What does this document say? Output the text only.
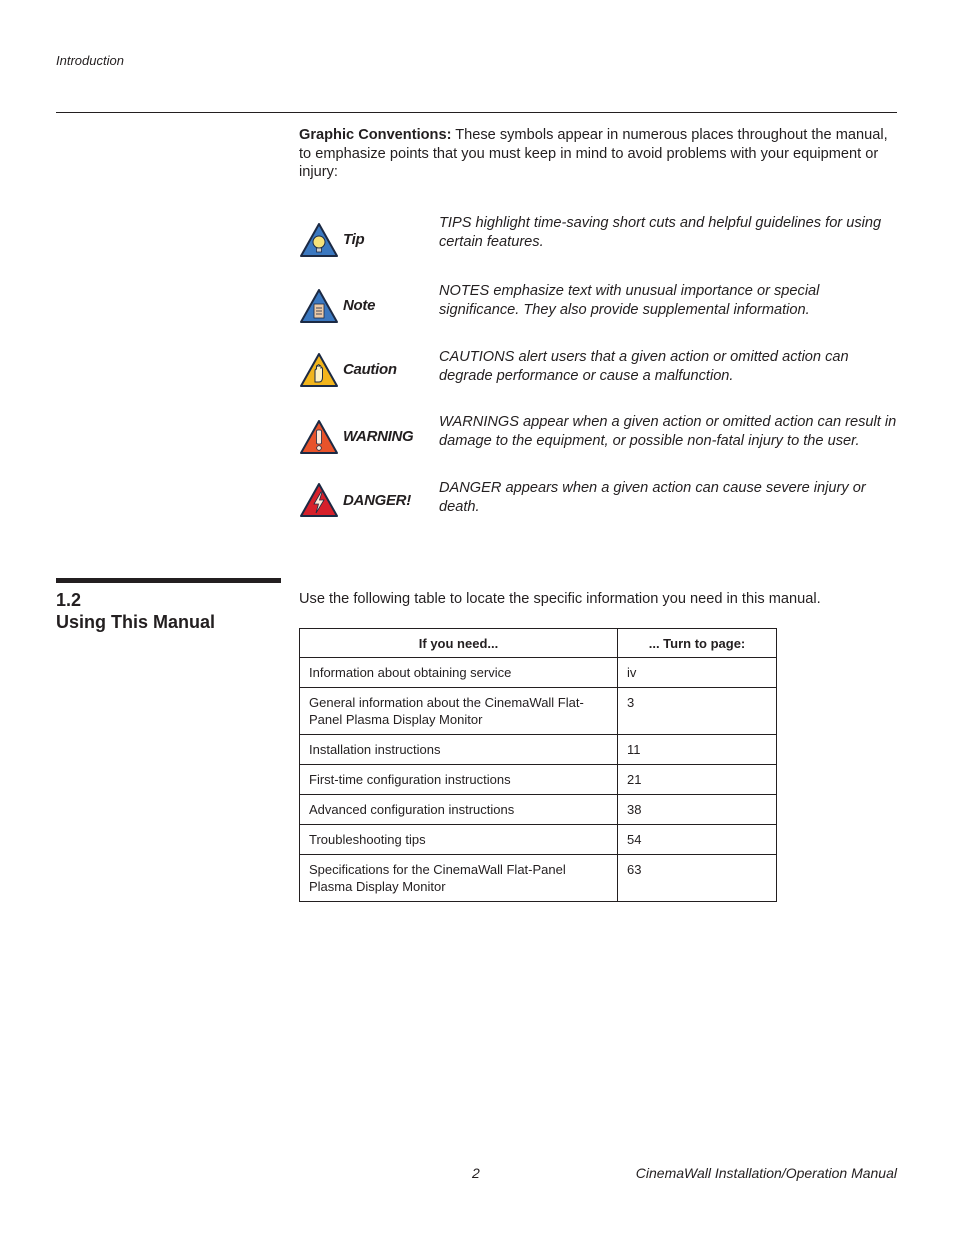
Introduction
Graphic Conventions: These symbols appear in numerous places throughout the manual, to emphasize points that you must keep in mind to avoid problems with your equipment or injury:
Tip
TIPS highlight time-saving short cuts and helpful guidelines for using certain features.
Note
NOTES emphasize text with unusual importance or special significance. They also provide supplemental information.
Caution
CAUTIONS alert users that a given action or omitted action can degrade performance or cause a malfunction.
WARNING
WARNINGS appear when a given action or omitted action can result in damage to the equipment, or possible non-fatal injury to the user.
DANGER!
DANGER appears when a given action can cause severe injury or death.
1.2
Using This Manual
Use the following table to locate the specific information you need in this manual.
If you need...	... Turn to page:
Information about obtaining service	iv
General information about the CinemaWall Flat-Panel Plasma Display Monitor	3
Installation instructions	11
First-time configuration instructions	21
Advanced configuration instructions	38
Troubleshooting tips	54
Specifications for the CinemaWall Flat-Panel Plasma Display Monitor	63
2	CinemaWall Installation/Operation Manual
